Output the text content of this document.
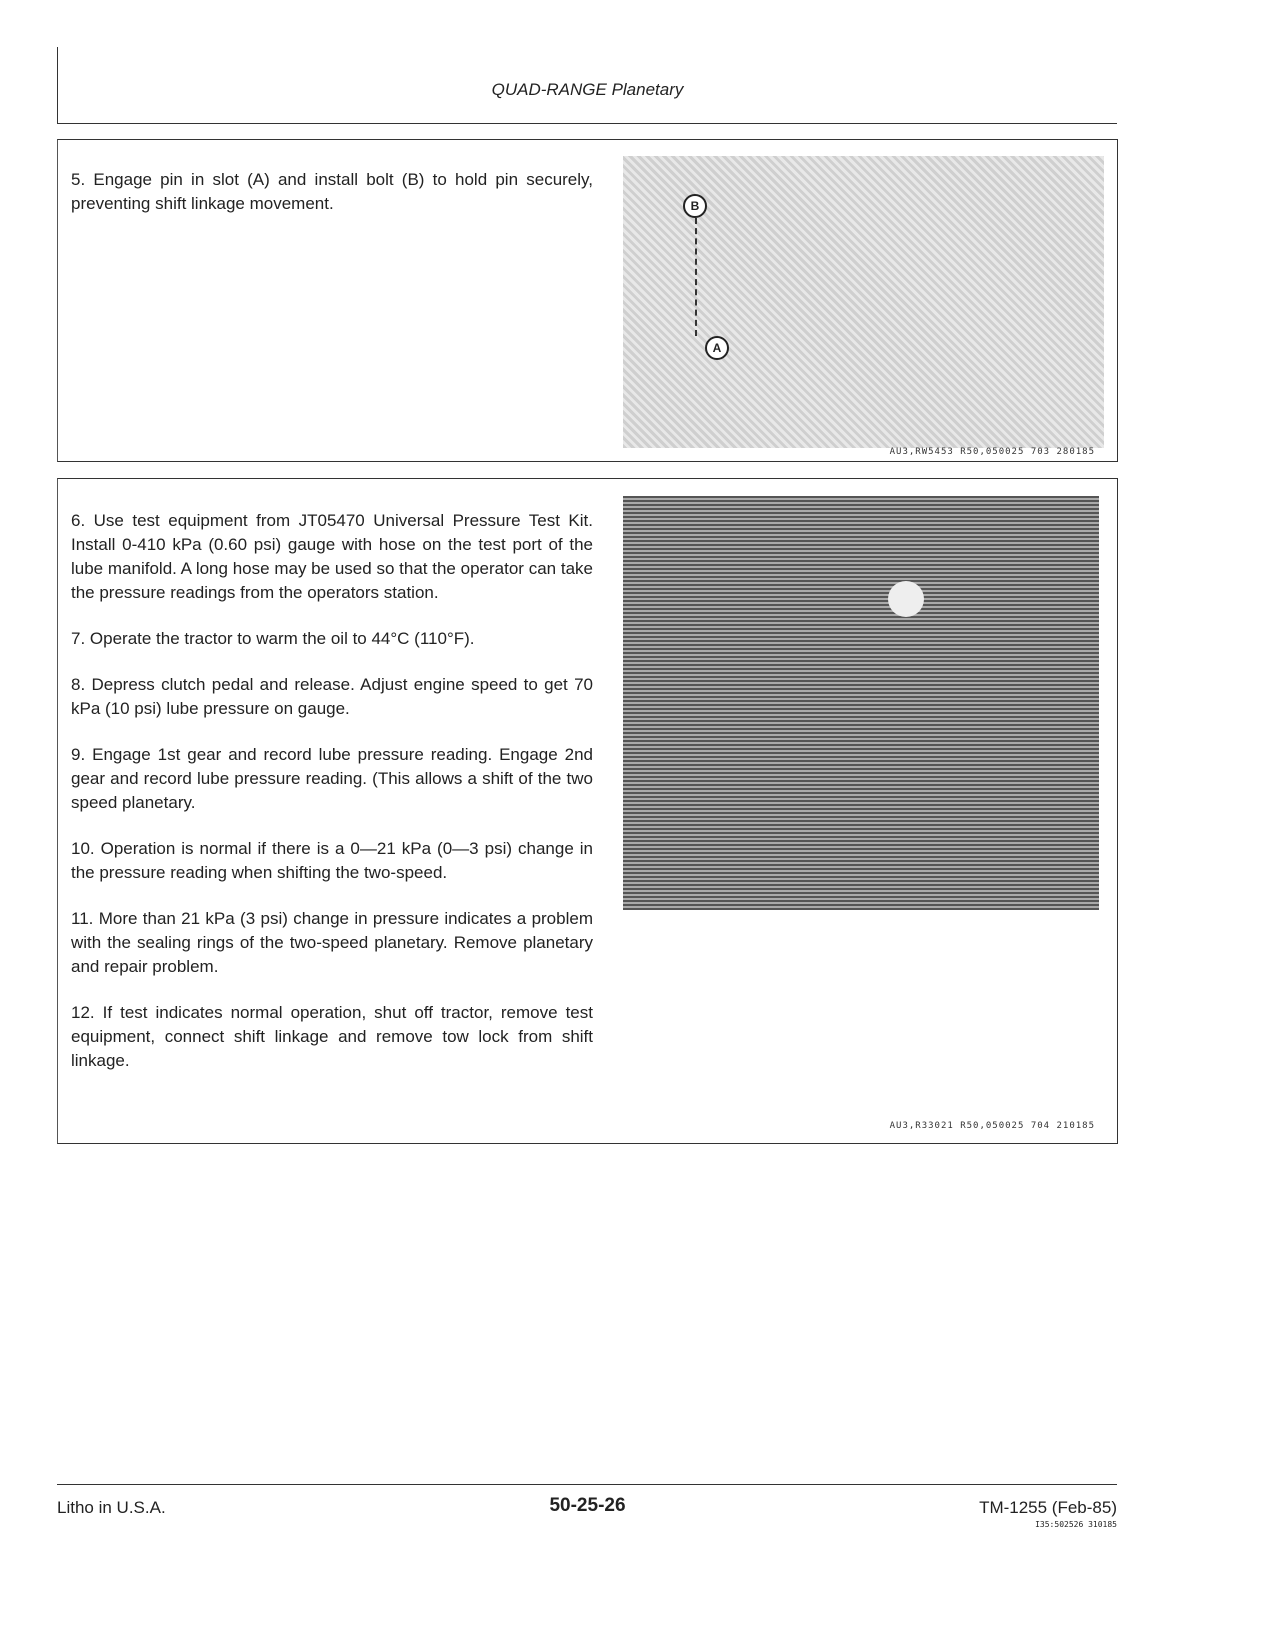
QUAD-RANGE Planetary

5. Engage pin in slot (A) and install bolt (B) to hold pin securely, preventing shift linkage movement.	B
A
AU3,RW5453 R50,050025 703 280185

6. Use test equipment from JT05470 Universal Pressure Test Kit. Install 0-410 kPa (0.60 psi) gauge with hose on the test port of the lube manifold. A long hose may be used so that the operator can take the pressure readings from the operators station.

7. Operate the tractor to warm the oil to 44°C (110°F).

8. Depress clutch pedal and release. Adjust engine speed to get 70 kPa (10 psi) lube pressure on gauge.

9. Engage 1st gear and record lube pressure reading. Engage 2nd gear and record lube pressure reading. (This allows a shift of the two speed planetary.

10. Operation is normal if there is a 0—21 kPa (0—3 psi) change in the pressure reading when shifting the two-speed.

11. More than 21 kPa (3 psi) change in pressure indicates a problem with the sealing rings of the two-speed planetary. Remove planetary and repair problem.

12. If test indicates normal operation, shut off tractor, remove test equipment, connect shift linkage and remove tow lock from shift linkage.

AU3,R33021 R50,050025 704 210185
Litho in U.S.A.	50-25-26	TM-1255 (Feb-85)
I35:502526 310185
